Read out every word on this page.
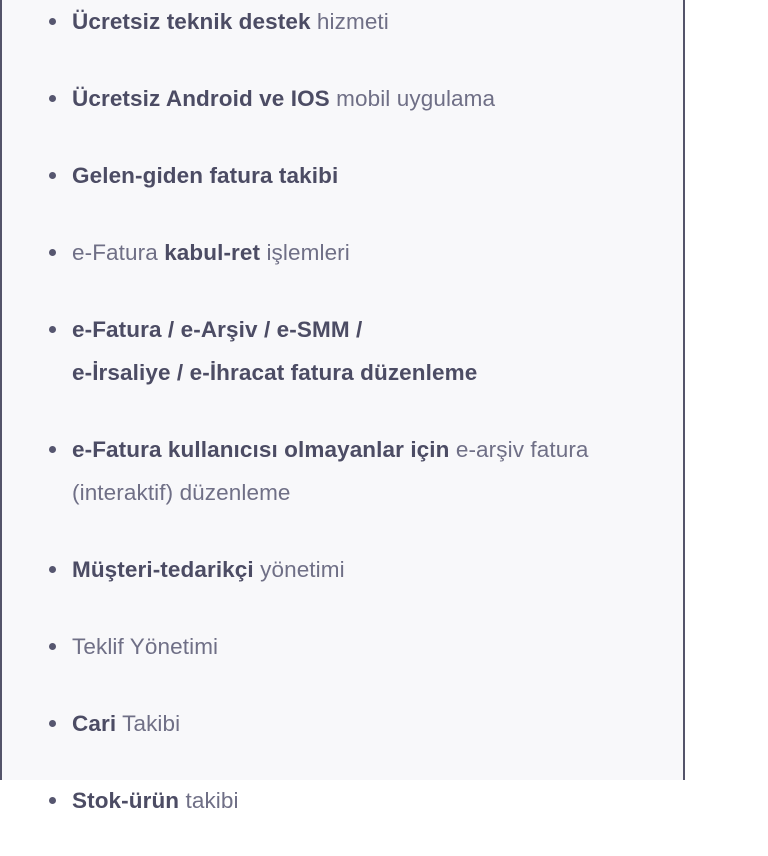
Ücretsiz teknik destek hizmeti
Ücretsiz Android ve IOS mobil uygulama
Gelen-giden fatura takibi
e-Fatura kabul-ret işlemleri
e-Fatura / e-Arşiv / e-SMM /
e-İrsaliye / e-İhracat fatura düzenleme
e-Fatura kullanıcısı olmayanlar için e-arşiv fatura (interaktif) düzenleme
Müşteri-tedarikçi yönetimi
Teklif Yönetimi
Cari Takibi
Stok-ürün takibi
